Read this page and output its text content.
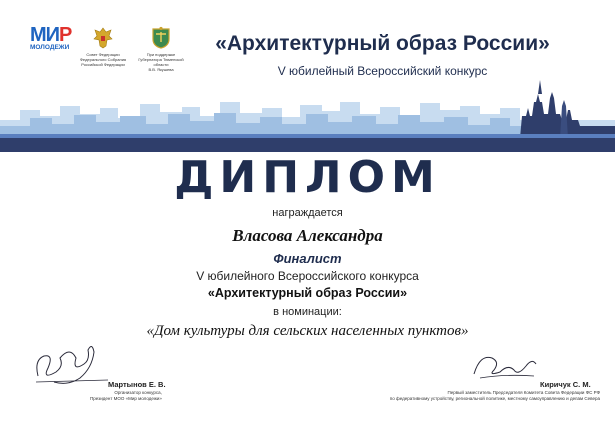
МИР
МОЛОДЕЖИ
Совет Федерации
Федерального Собрания
Российской Федерации
При поддержке
Губернатора Тюменской области
В.В. Якушева
«Архитектурный образ России»
V юбилейный Всероссийский конкурс
ДИПЛОМ
награждается
Власова Александра
Финалист
V юбилейного Всероссийского конкурса
«Архитектурный образ России»
в номинации:
«Дом культуры для сельских населенных пунктов»
Мартынов Е. В.
Организатор конкурса,
Президент МОО «Мир молодежи»
Киричук С. М.
Первый заместитель Председателя Комитета Совета Федерации ФС РФ
по федеративному устройству, региональной политике, местному самоуправлению и делам Севера
